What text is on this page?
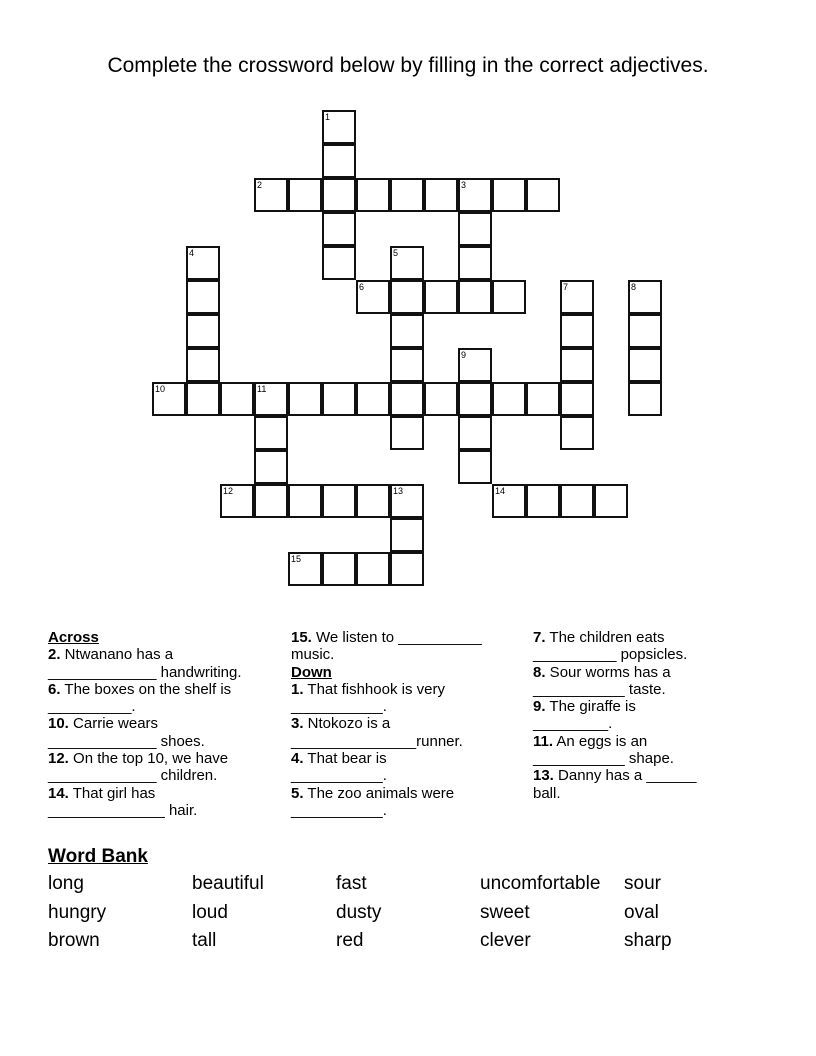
Complete the crossword below by filling in the correct adjectives.
1
2	3
4	5
6	7	8
9
10	11
12	13	14
15
Across
2. Ntwanano has a _____________ handwriting.
6. The boxes on the shelf is __________.
10. Carrie wears _____________ shoes.
12. On the top 10, we have _____________ children.
14. That girl has ______________ hair.
15. We listen to __________ music.
Down
1. That fishhook is very ___________.
3. Ntokozo is a _______________runner.
4. That bear is ___________.
5. The zoo animals were ___________.
7. The children eats __________ popsicles.
8. Sour worms has a ___________ taste.
9. The giraffe is _________.
11. An eggs is an ___________ shape.
13. Danny has a ______ ball.
Word Bank
long	beautiful	fast	uncomfortable sour
hungry	loud	dusty	sweet	oval
brown	tall	red	clever	sharp
